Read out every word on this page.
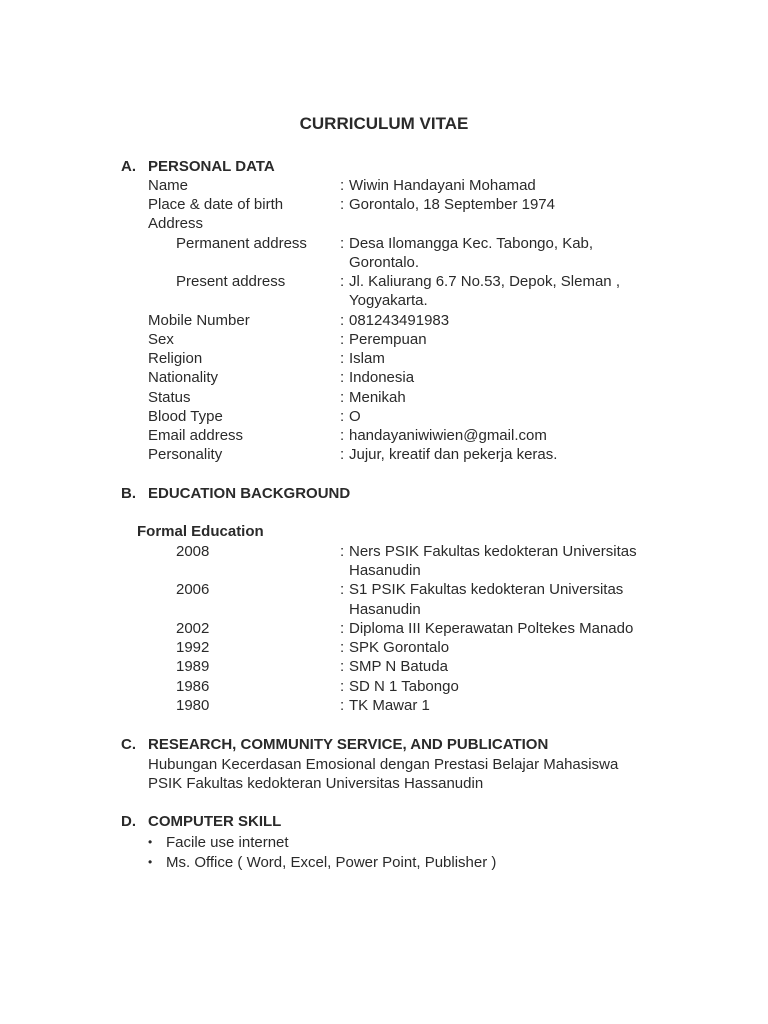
CURRICULUM VITAE
A. PERSONAL DATA
Name	: Wiwin Handayani Mohamad
Place & date of birth	: Gorontalo, 18 September 1974
Address
Permanent address : Desa Ilomangga Kec. Tabongo, Kab,
Gorontalo.
Present address	: Jl. Kaliurang 6.7 No.53, Depok, Sleman ,
Yogyakarta.
Mobile Number	: 081243491983
Sex	: Perempuan
Religion	: Islam
Nationality	: Indonesia
Status	: Menikah
Blood Type	: O
Email address	: handayaniwiwien@gmail.com
Personality	: Jujur, kreatif dan pekerja keras.
B. EDUCATION BACKGROUND
Formal Education
2008	: Ners PSIK Fakultas kedokteran Universitas
Hasanudin
2006	: S1 PSIK Fakultas kedokteran Universitas
Hasanudin
2002	: Diploma III Keperawatan Poltekes Manado
1992	: SPK Gorontalo
1989	: SMP N Batuda
1986	: SD N 1 Tabongo
1980	: TK Mawar 1
C. RESEARCH, COMMUNITY SERVICE, AND PUBLICATION
Hubungan Kecerdasan Emosional dengan Prestasi Belajar Mahasiswa
PSIK Fakultas kedokteran Universitas Hassanudin
D. COMPUTER SKILL
• Facile use internet
• Ms. Office ( Word, Excel, Power Point, Publisher )
